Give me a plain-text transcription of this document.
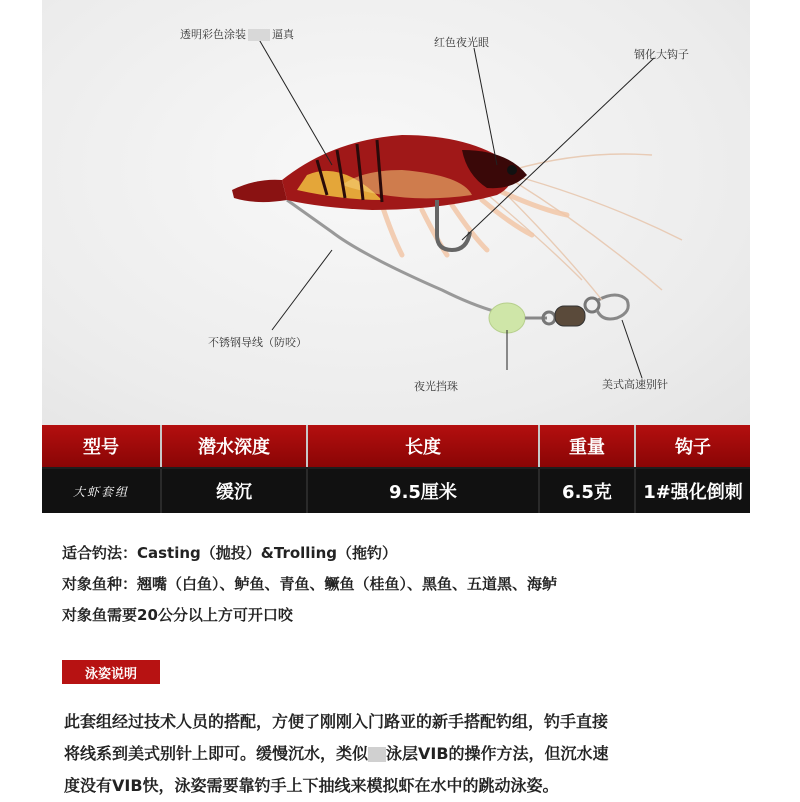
透明彩色涂装 逼真
红色夜光眼
钢化大钩子
不锈钢导线（防咬）
夜光挡珠	美式高速别针
型号	潜水深度	长度	重量	钩子
大虾套组	缓沉	9.5厘米	6.5克	1#强化倒刺
适合钓法：Casting（抛投）&Trolling（拖钓）
对象鱼种：翘嘴（白鱼）、鲈鱼、青鱼、鳜鱼（桂鱼）、黑鱼、五道黑、海鲈
对象鱼需要20公分以上方可开口咬
泳姿说明
此套组经过技术人员的搭配，方便了刚刚入门路亚的新手搭配钓组，钓手直接
将线系到美式别针上即可。缓慢沉水，类似 泳层VIB的操作方法，但沉水速
度没有VIB快，泳姿需要靠钓手上下抽线来模拟虾在水中的跳动泳姿。
